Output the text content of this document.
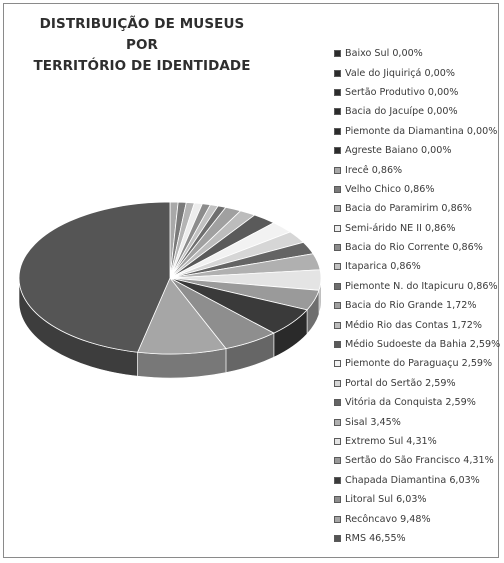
DISTRIBUIÇÃO DE MUSEUS POR
TERRITÓRIO DE IDENTIDADE
Baixo Sul 0,00%
Vale do Jiquiriçá 0,00%
Sertão Produtivo 0,00%
Bacia do Jacuípe 0,00%
Piemonte da Diamantina 0,00%
Agreste Baiano 0,00%
Irecê 0,86%
Velho Chico 0,86%
Bacia do Paramirim 0,86%
Semi-árido NE II 0,86%
Bacia do Rio Corrente 0,86%
Itaparica 0,86%
Piemonte N. do Itapicuru 0,86%
Bacia do Rio Grande 1,72%
Médio Rio das Contas 1,72%
Médio Sudoeste da Bahia 2,59%
Piemonte do Paraguaçu 2,59%
Portal do Sertão 2,59%
Vitória da Conquista 2,59%
Sisal 3,45%
Extremo Sul 4,31%
Sertão do São Francisco 4,31%
Chapada Diamantina 6,03%
Litoral Sul 6,03%
Recôncavo 9,48%
RMS 46,55%
